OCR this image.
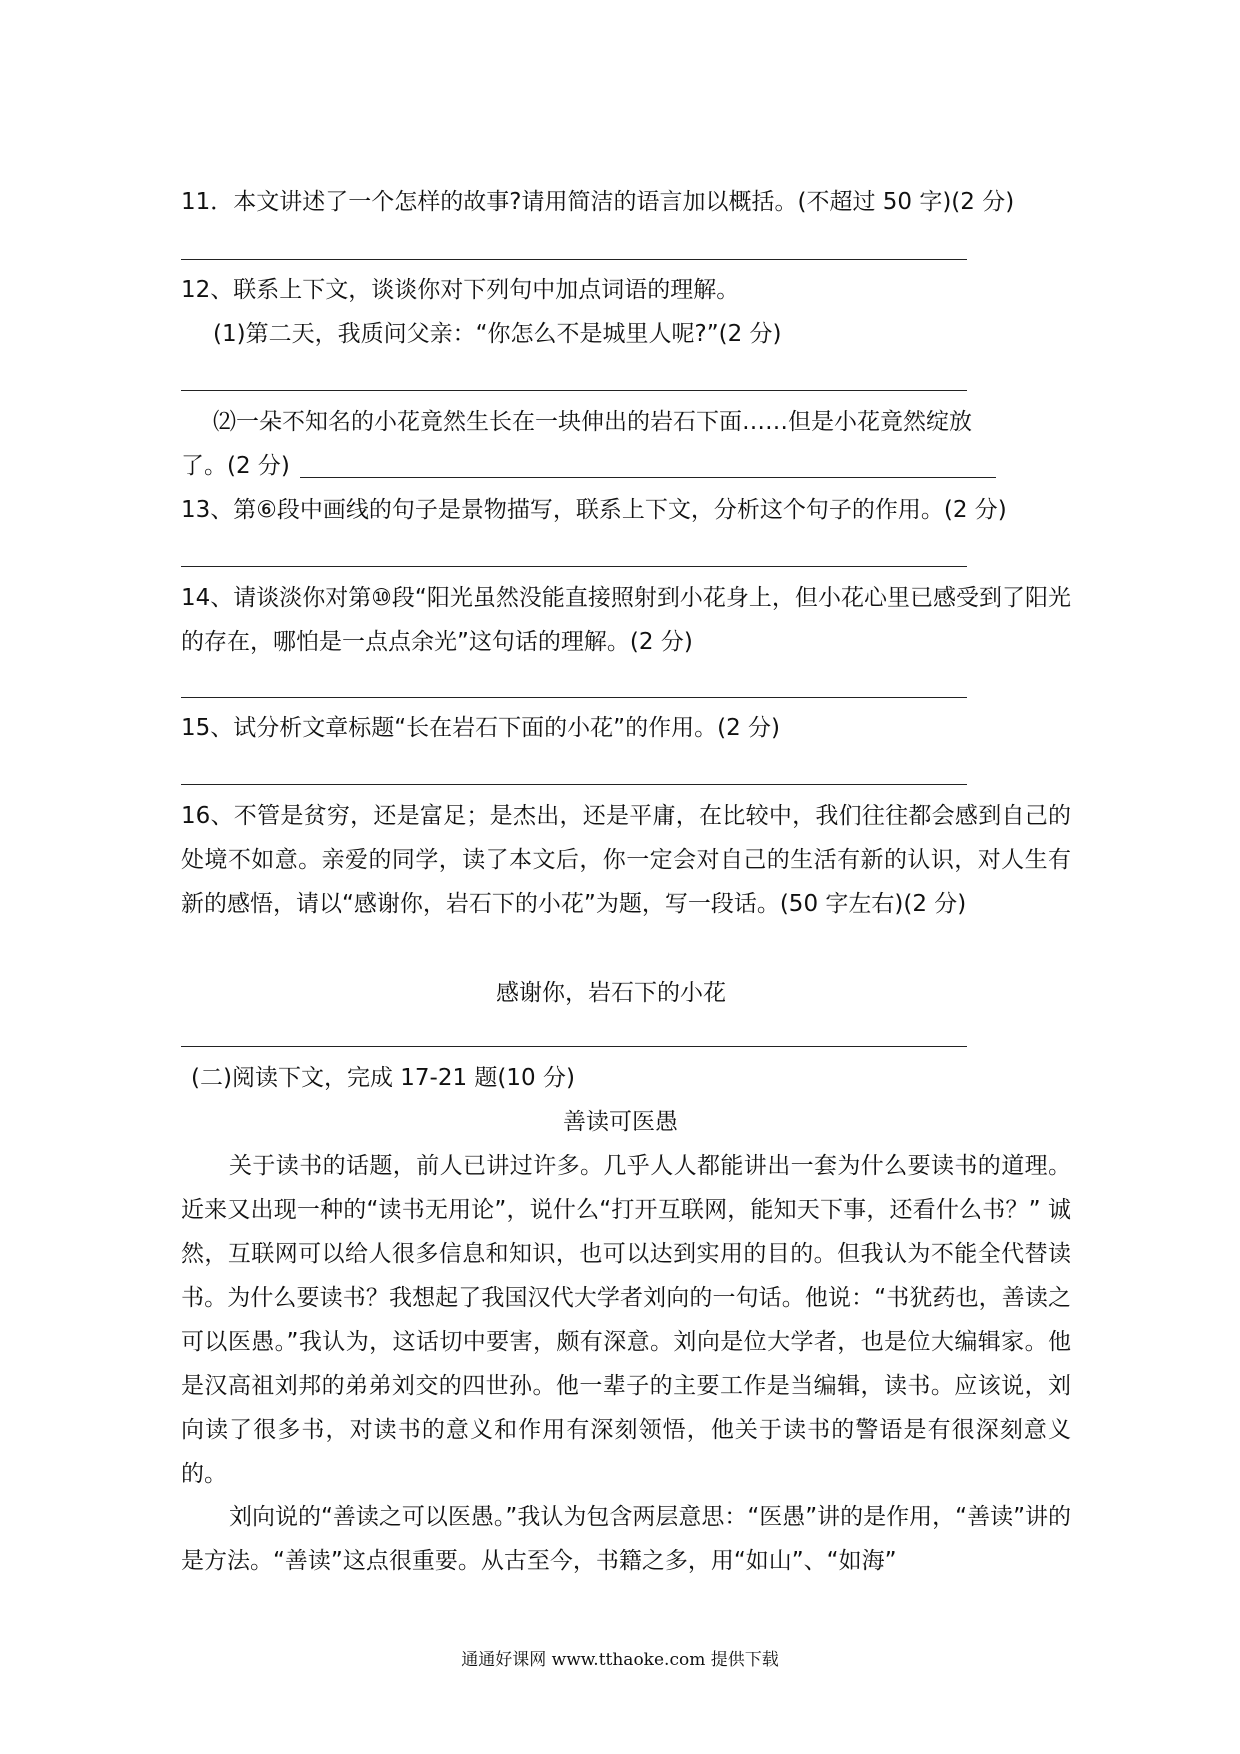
11．本文讲述了一个怎样的故事?请用简洁的语言加以概括。(不超过 50 字)(2 分)
12、联系上下文，谈谈你对下列句中加点词语的理解。
(1)第二天，我质问父亲：“你怎么不是城里人呢?”(2 分)
⑵一朵不知名的小花竟然生长在一块伸出的岩石下面……但是小花竟然绽放
了。(2 分)
13、第⑥段中画线的句子是景物描写，联系上下文，分析这个句子的作用。(2 分)
14、请谈淡你对第⑩段“阳光虽然没能直接照射到小花身上，但小花心里已感受到了阳光的存在，哪怕是一点点余光”这句话的理解。(2 分)
15、试分析文章标题“长在岩石下面的小花”的作用。(2 分)
16、不管是贫穷，还是富足；是杰出，还是平庸，在比较中，我们往往都会感到自己的处境不如意。亲爱的同学，读了本文后，你一定会对自己的生活有新的认识，对人生有新的感悟，请以“感谢你，岩石下的小花”为题，写一段话。(50 字左右)(2 分)
感谢你，岩石下的小花
(二)阅读下文，完成 17-21 题(10 分)
善读可医愚
关于读书的话题，前人已讲过许多。几乎人人都能讲出一套为什么要读书的道理。近来又出现一种的“读书无用论”，说什么“打开互联网，能知天下事，还看什么书？” 诚然，互联网可以给人很多信息和知识，也可以达到实用的目的。但我认为不能全代替读书。为什么要读书？我想起了我国汉代大学者刘向的一句话。他说：“书犹药也，善读之可以医愚。”我认为，这话切中要害，颇有深意。刘向是位大学者，也是位大编辑家。他是汉高祖刘邦的弟弟刘交的四世孙。他一辈子的主要工作是当编辑，读书。应该说，刘向读了很多书，对读书的意义和作用有深刻领悟，他关于读书的警语是有很深刻意义的。
刘向说的“善读之可以医愚。”我认为包含两层意思：“医愚”讲的是作用，“善读”讲的是方法。“善读”这点很重要。从古至今，书籍之多，用“如山”、“如海”
通通好课网 www.tthaoke.com 提供下载
